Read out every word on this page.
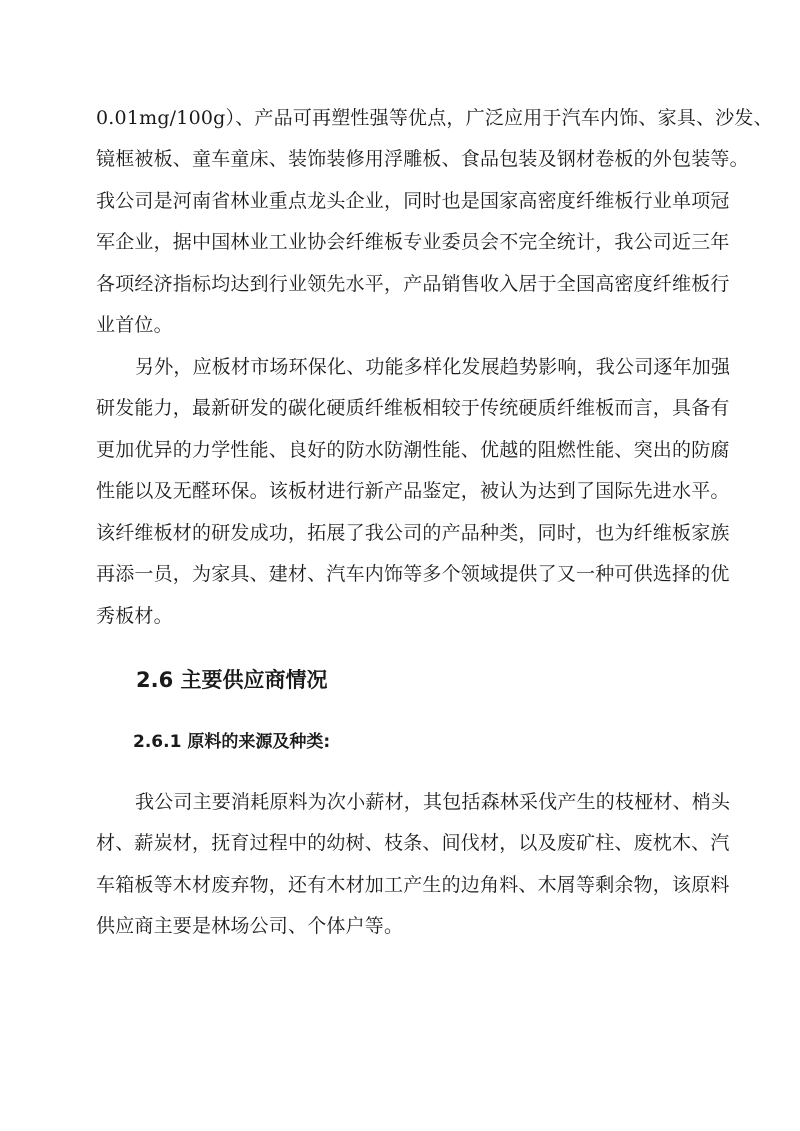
0.01mg/100g）、产品可再塑性强等优点，广泛应用于汽车内饰、家具、沙发、
镜框被板、童车童床、装饰装修用浮雕板、食品包装及钢材卷板的外包装等。
我公司是河南省林业重点龙头企业，同时也是国家高密度纤维板行业单项冠
军企业，据中国林业工业协会纤维板专业委员会不完全统计，我公司近三年
各项经济指标均达到行业领先水平，产品销售收入居于全国高密度纤维板行
业首位。
另外，应板材市场环保化、功能多样化发展趋势影响，我公司逐年加强
研发能力，最新研发的碳化硬质纤维板相较于传统硬质纤维板而言，具备有
更加优异的力学性能、良好的防水防潮性能、优越的阻燃性能、突出的防腐
性能以及无醛环保。该板材进行新产品鉴定，被认为达到了国际先进水平。
该纤维板材的研发成功，拓展了我公司的产品种类，同时，也为纤维板家族
再添一员，为家具、建材、汽车内饰等多个领域提供了又一种可供选择的优
秀板材。
2.6 主要供应商情况
2.6.1 原料的来源及种类:
我公司主要消耗原料为次小薪材，其包括森林采伐产生的枝桠材、梢头
材、薪炭材，抚育过程中的幼树、枝条、间伐材，以及废矿柱、废枕木、汽
车箱板等木材废弃物，还有木材加工产生的边角料、木屑等剩余物，该原料
供应商主要是林场公司、个体户等。
